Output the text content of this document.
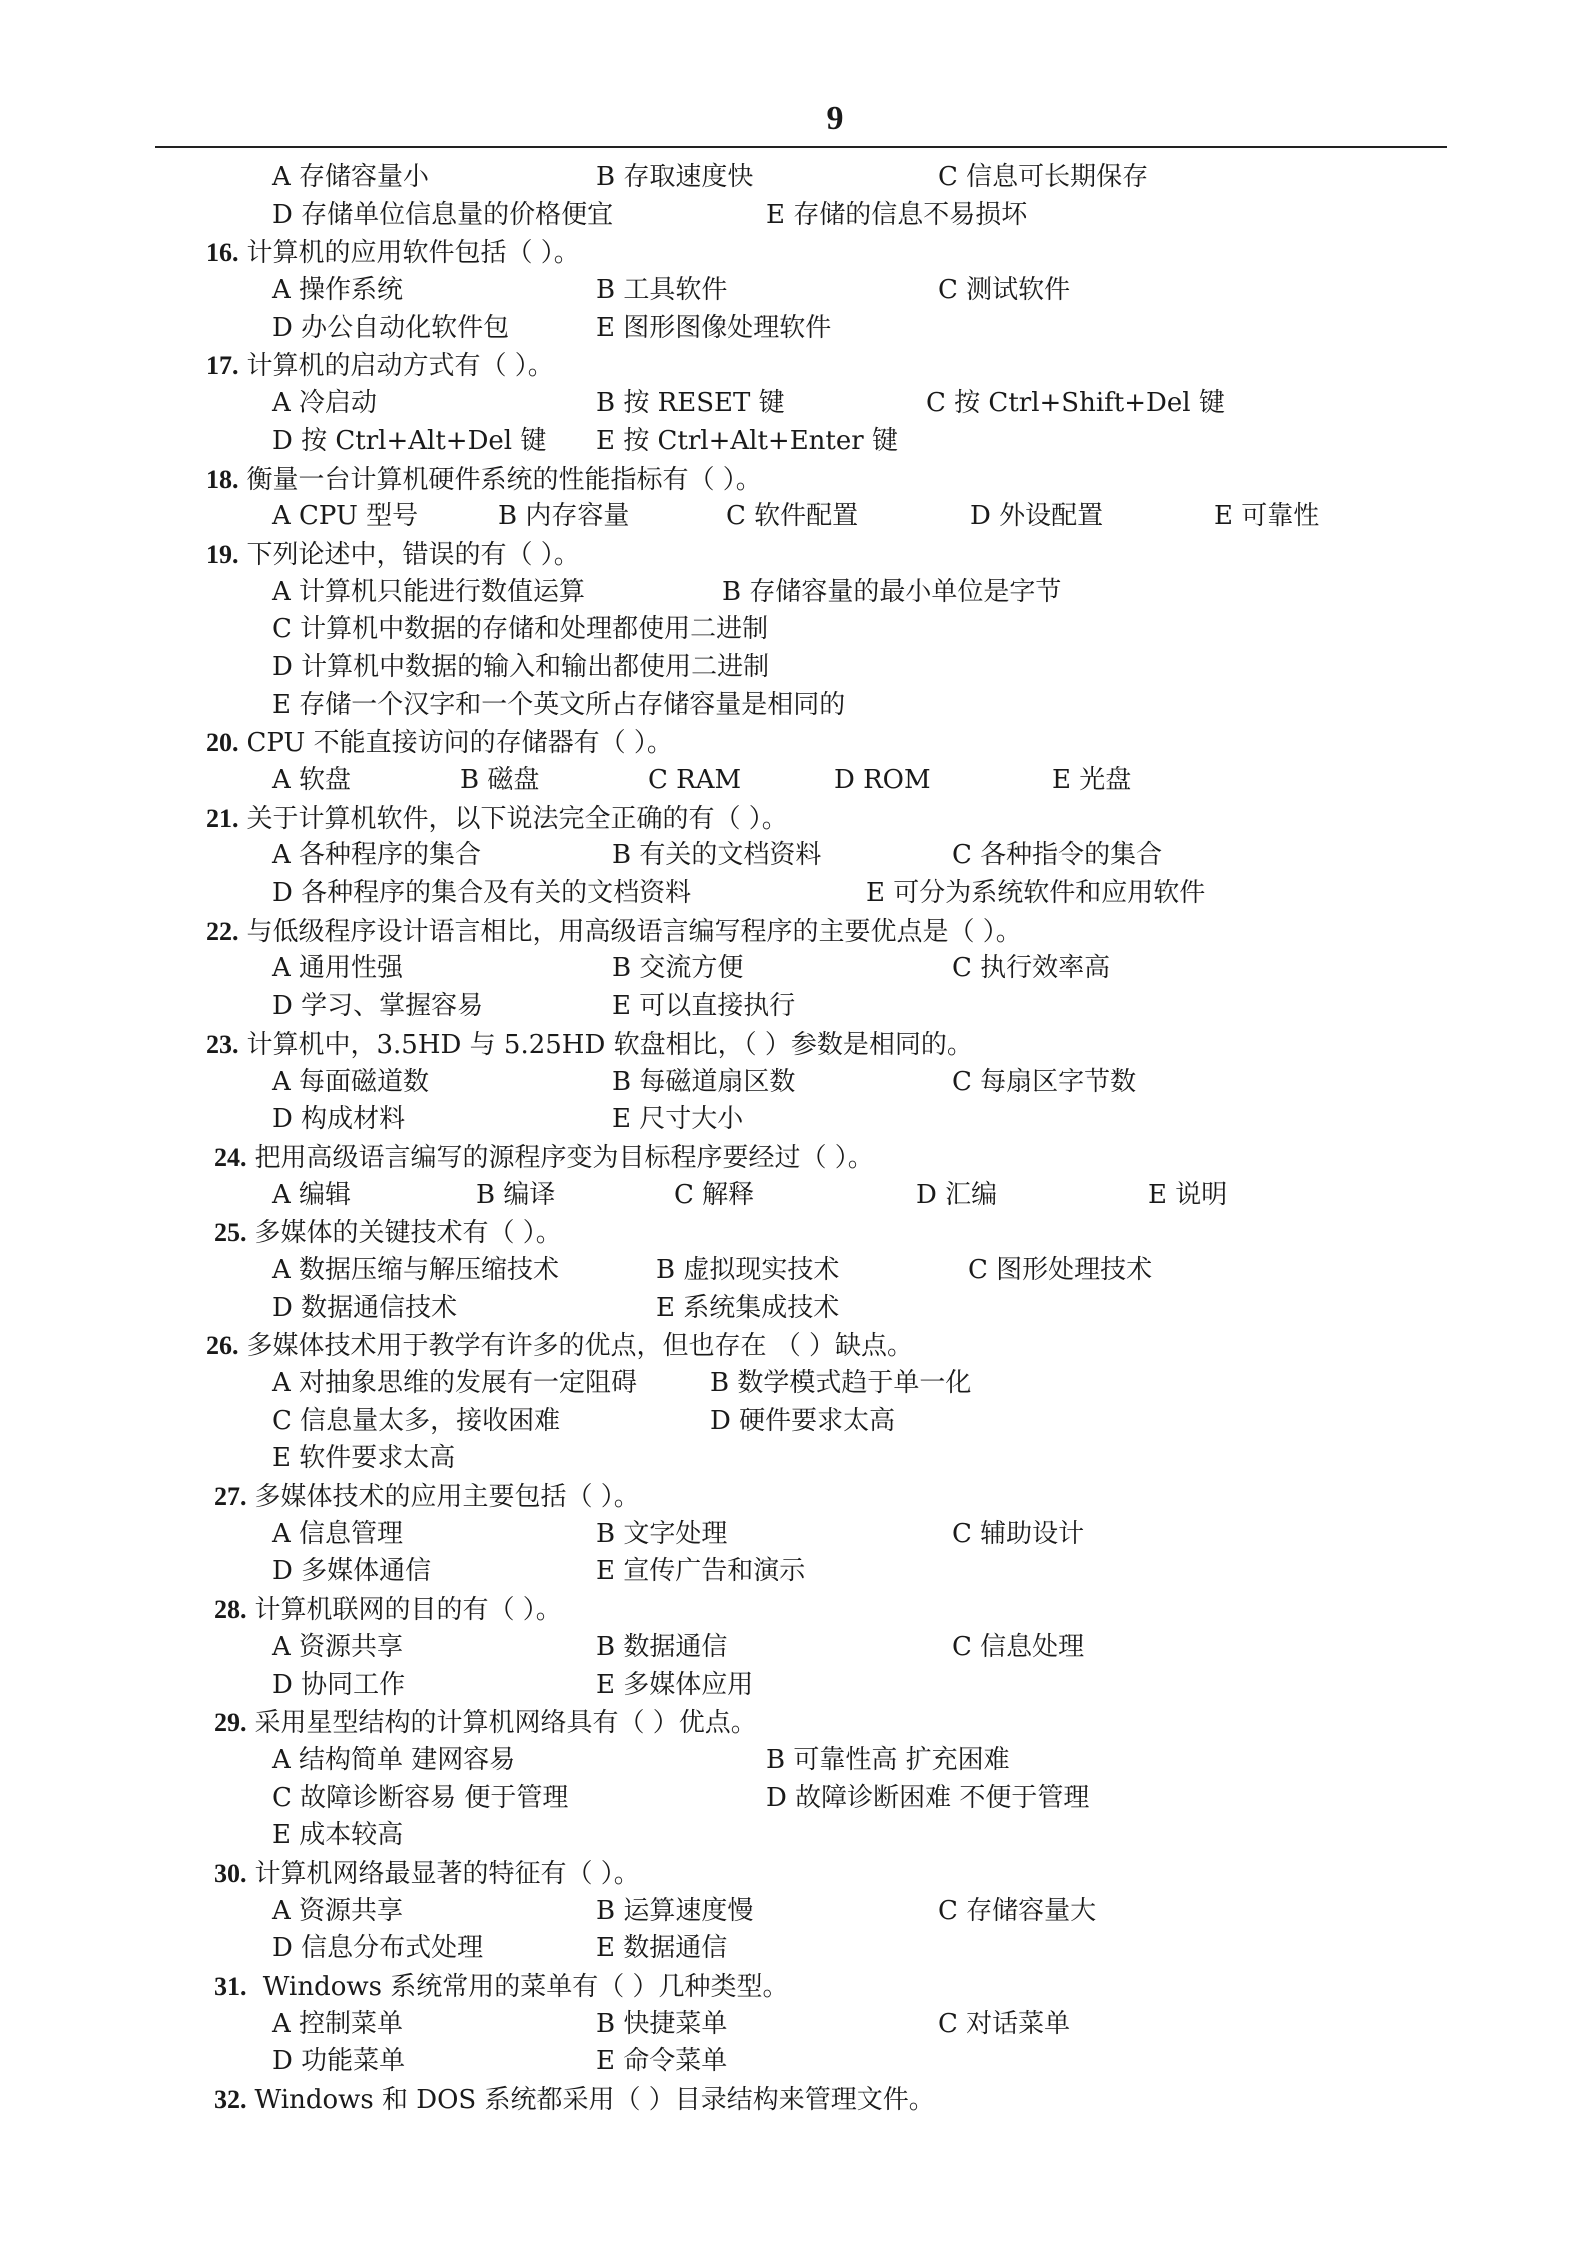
9
A 存储容量小	B 存取速度快	C 信息可长期保存
D 存储单位信息量的价格便宜	E 存储的信息不易损坏
16. 计算机的应用软件包括（ ）。
A 操作系统	B 工具软件	C 测试软件
D 办公自动化软件包	E 图形图像处理软件
17. 计算机的启动方式有（ ）。
A 冷启动	B 按 RESET 键	C 按 Ctrl+Shift+Del 键
D 按 Ctrl+Alt+Del 键 E 按 Ctrl+Alt+Enter 键
18. 衡量一台计算机硬件系统的性能指标有（ ）。
A CPU 型号	B 内存容量	C 软件配置	D 外设配置	E 可靠性
19. 下列论述中，错误的有（ ）。
A 计算机只能进行数值运算	B 存储容量的最小单位是字节
C 计算机中数据的存储和处理都使用二进制
D 计算机中数据的输入和输出都使用二进制
E 存储一个汉字和一个英文所占存储容量是相同的
20. CPU 不能直接访问的存储器有（ ）。
A 软盘	B 磁盘	C RAM	D ROM	E 光盘
21. 关于计算机软件，以下说法完全正确的有（ ）。
A 各种程序的集合	B 有关的文档资料	C 各种指令的集合
D 各种程序的集合及有关的文档资料	E 可分为系统软件和应用软件
22. 与低级程序设计语言相比，用高级语言编写程序的主要优点是（ ）。
A 通用性强	B 交流方便	C 执行效率高
D 学习、掌握容易	E 可以直接执行
23. 计算机中，3.5HD 与 5.25HD 软盘相比，（ ）参数是相同的。
A 每面磁道数	B 每磁道扇区数	C 每扇区字节数
D 构成材料	E 尺寸大小
24. 把用高级语言编写的源程序变为目标程序要经过（ ）。
A 编辑	B 编译	C 解释	D 汇编	E 说明
25. 多媒体的关键技术有（ ）。
A 数据压缩与解压缩技术	B 虚拟现实技术	C 图形处理技术
D 数据通信技术	E 系统集成技术
26. 多媒体技术用于教学有许多的优点，但也存在 （ ）缺点。
A 对抽象思维的发展有一定阻碍	B 数学模式趋于单一化
C 信息量太多，接收困难	D 硬件要求太高
E 软件要求太高
27. 多媒体技术的应用主要包括（ ）。
A 信息管理	B 文字处理	C 辅助设计
D 多媒体通信	E 宣传广告和演示
28. 计算机联网的目的有（ ）。
A 资源共享	B 数据通信	C 信息处理
D 协同工作	E 多媒体应用
29. 采用星型结构的计算机网络具有（ ）优点。
A 结构简单 建网容易	B 可靠性高 扩充困难
C 故障诊断容易 便于管理	D 故障诊断困难 不便于管理
E 成本较高
30. 计算机网络最显著的特征有（ ）。
A 资源共享	B 运算速度慢	C 存储容量大
D 信息分布式处理	E 数据通信
31. Windows 系统常用的菜单有（ ）几种类型。
A 控制菜单	B 快捷菜单	C 对话菜单
D 功能菜单	E 命令菜单
32. Windows 和 DOS 系统都采用（ ）目录结构来管理文件。
